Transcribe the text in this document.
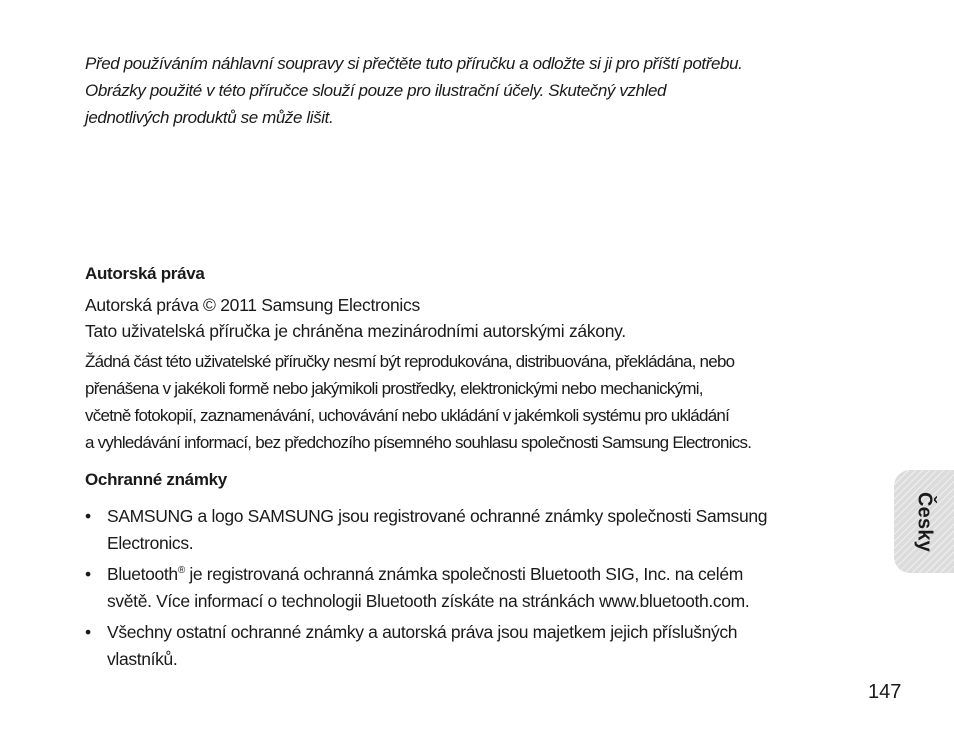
Před používáním náhlavní soupravy si přečtěte tuto příručku a odložte si ji pro příští potřebu.

Obrázky použité v této příručce slouží pouze pro ilustrační účely. Skutečný vzhled

jednotlivých produktů se může lišit.

Autorská práva
Autorská práva © 2011 Samsung Electronics
Tato uživatelská příručka je chráněna mezinárodními autorskými zákony.
Žádná část této uživatelské příručky nesmí být reprodukována, distribuována, překládána, nebo
přenášena v jakékoli formě nebo jakýmikoli prostředky, elektronickými nebo mechanickými,
včetně fotokopií, zaznamenávání, uchovávání nebo ukládání v jakémkoli systému pro ukládání
a vyhledávání informací, bez předchozího písemného souhlasu společnosti Samsung Electronics.
Ochranné známky
• SAMSUNG a logo SAMSUNG jsou registrované ochranné známky společnosti Samsung
Electronics.
• Bluetooth® je registrovaná ochranná známka společnosti Bluetooth SIG, Inc. na celém
světě. Více informací o technologii Bluetooth získáte na stránkách www.bluetooth.com.
• Všechny ostatní ochranné známky a autorská práva jsou majetkem jejich příslušných
vlastníků.
Česky
147
